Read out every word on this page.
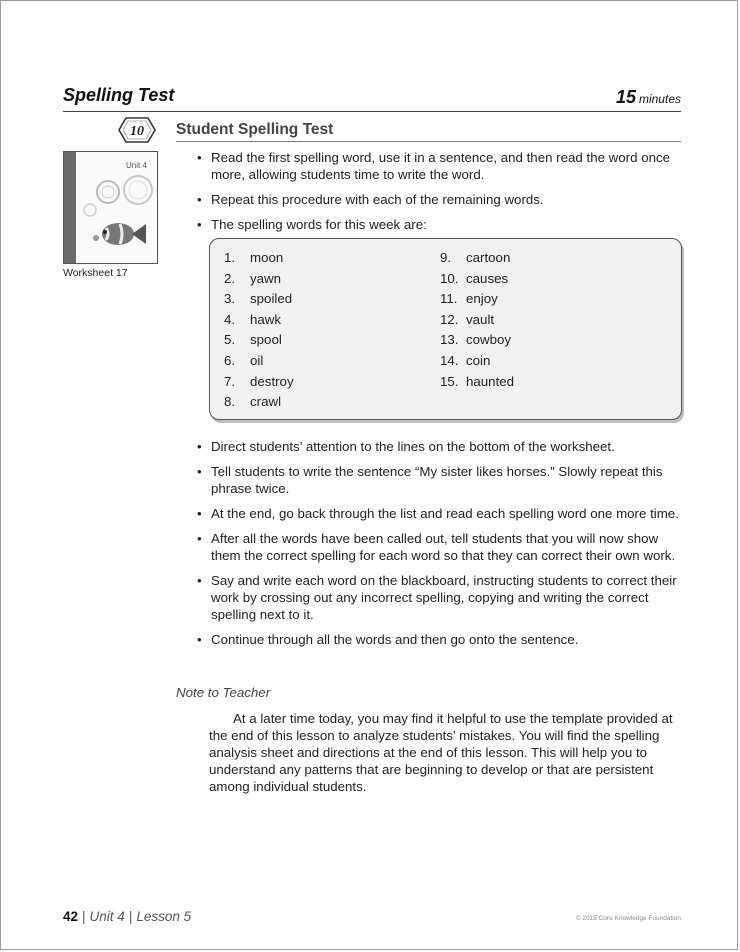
Spelling Test	15 minutes
10 Student Spelling Test
Unit 4
Worksheet 17
• Read the first spelling word, use it in a sentence, and then read the word once more, allowing students time to write the word.
• Repeat this procedure with each of the remaining words.
• The spelling words for this week are:
1. moon
2. yawn
3. spoiled
4. hawk
5. spool
6. oil
7. destroy
8. crawl
9. cartoon
10. causes
11. enjoy
12. vault
13. cowboy
14. coin
15. haunted
• Direct students’ attention to the lines on the bottom of the worksheet.
• Tell students to write the sentence “My sister likes horses.” Slowly repeat this phrase twice.
• At the end, go back through the list and read each spelling word one more time.
• After all the words have been called out, tell students that you will now show them the correct spelling for each word so that they can correct their own work.
• Say and write each word on the blackboard, instructing students to correct their work by crossing out any incorrect spelling, copying and writing the correct spelling next to it.
• Continue through all the words and then go onto the sentence.
Note to Teacher

At a later time today, you may find it helpful to use the template provided at the end of this lesson to analyze students’ mistakes. You will find the spelling analysis sheet and directions at the end of this lesson. This will help you to understand any patterns that are beginning to develop or that are persistent among individual students.

42 | Unit 4 | Lesson 5	© 2015 Core Knowledge Foundation
